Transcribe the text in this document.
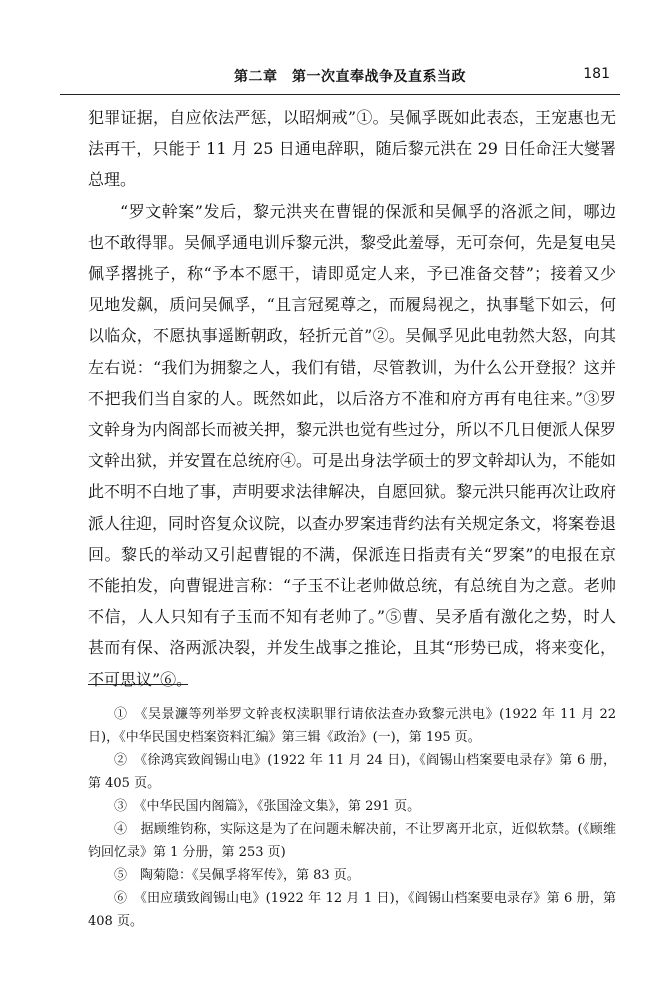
第二章　第一次直奉战争及直系当政	181

犯罪证据，自应依法严惩，以昭炯戒”①。吴佩孚既如此表态，王宠惠也无法再干，只能于 11 月 25 日通电辞职，随后黎元洪在 29 日任命汪大燮署总理。

“罗文幹案”发后，黎元洪夹在曹锟的保派和吴佩孚的洛派之间，哪边也不敢得罪。吴佩孚通电训斥黎元洪，黎受此羞辱，无可奈何，先是复电吴佩孚撂挑子，称“予本不愿干，请即觅定人来，予已准备交替”；接着又少见地发飙，质问吴佩孚，“且言冠冕尊之，而履舄视之，执事髦下如云，何以临众，不愿执事遥断朝政，轻折元首”②。吴佩孚见此电勃然大怒，向其左右说：“我们为拥黎之人，我们有错，尽管教训，为什么公开登报？这并不把我们当自家的人。既然如此，以后洛方不准和府方再有电往来。”③罗文幹身为内阁部长而被关押，黎元洪也觉有些过分，所以不几日便派人保罗文幹出狱，并安置在总统府④。可是出身法学硕士的罗文幹却认为，不能如此不明不白地了事，声明要求法律解决，自愿回狱。黎元洪只能再次让政府派人往迎，同时咨复众议院，以查办罗案违背约法有关规定条文，将案卷退回。黎氏的举动又引起曹锟的不满，保派连日指责有关“罗案”的电报在京不能拍发，向曹锟进言称：“子玉不让老帅做总统，有总统自为之意。老帅不信，人人只知有子玉而不知有老帅了。”⑤曹、吴矛盾有激化之势，时人甚而有保、洛两派决裂，并发生战事之推论，且其“形势已成，将来变化，不可思议”⑥。

①　《吴景濂等列举罗文幹丧权渎职罪行请依法查办致黎元洪电》(1922 年 11 月 22 日)，《中华民国史档案资料汇编》第三辑《政治》(一)，第 195 页。

②　《徐鸿宾致阎锡山电》(1922 年 11 月 24 日)，《阎锡山档案要电录存》第 6 册，第 405 页。

③　《中华民国内阁篇》，《张国淦文集》，第 291 页。

④　据顾维钧称，实际这是为了在问题未解决前，不让罗离开北京，近似软禁。(《顾维钧回忆录》第 1 分册，第 253 页)

⑤　陶菊隐：《吴佩孚将军传》，第 83 页。

⑥　《田应璜致阎锡山电》(1922 年 12 月 1 日)，《阎锡山档案要电录存》第 6 册，第 408 页。
